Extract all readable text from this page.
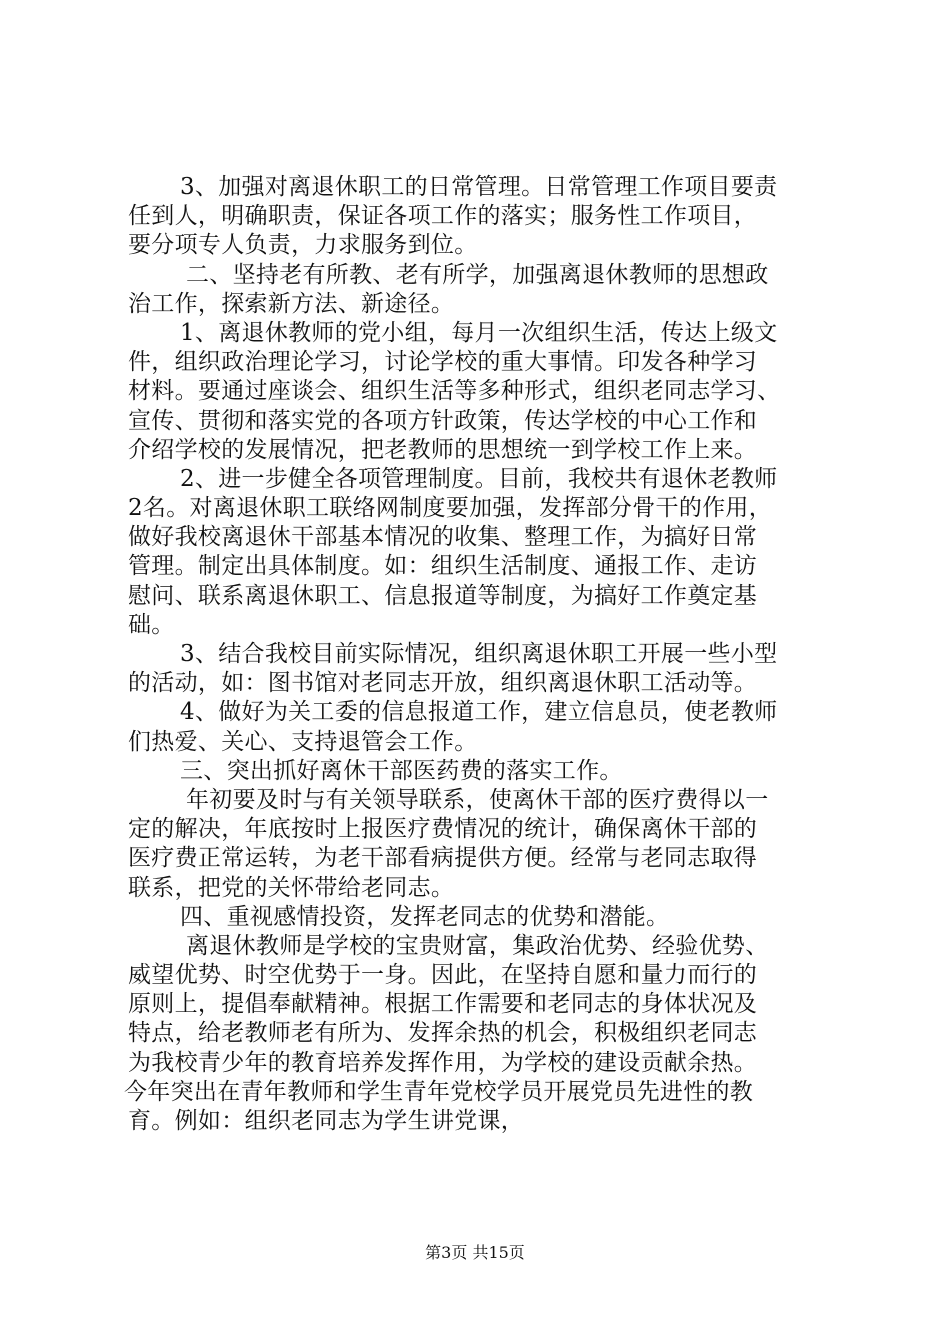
3、加强对离退休职工的日常管理。日常管理工作项目要责
任到人，明确职责，保证各项工作的落实；服务性工作项目，
要分项专人负责，力求服务到位。
二、坚持老有所教、老有所学，加强离退休教师的思想政
治工作，探索新方法、新途径。
1、离退休教师的党小组，每月一次组织生活，传达上级文
件，组织政治理论学习，讨论学校的重大事情。印发各种学习
材料。要通过座谈会、组织生活等多种形式，组织老同志学习、
宣传、贯彻和落实党的各项方针政策，传达学校的中心工作和
介绍学校的发展情况，把老教师的思想统一到学校工作上来。
2、进一步健全各项管理制度。目前，我校共有退休老教师
2名。对离退休职工联络网制度要加强，发挥部分骨干的作用，
做好我校离退休干部基本情况的收集、整理工作，为搞好日常
管理。制定出具体制度。如：组织生活制度、通报工作、走访
慰问、联系离退休职工、信息报道等制度，为搞好工作奠定基
础。
3、结合我校目前实际情况，组织离退休职工开展一些小型
的活动，如：图书馆对老同志开放，组织离退休职工活动等。
4、做好为关工委的信息报道工作，建立信息员，使老教师
们热爱、关心、支持退管会工作。
三、突出抓好离休干部医药费的落实工作。
年初要及时与有关领导联系，使离休干部的医疗费得以一
定的解决，年底按时上报医疗费情况的统计，确保离休干部的
医疗费正常运转，为老干部看病提供方便。经常与老同志取得
联系，把党的关怀带给老同志。
四、重视感情投资，发挥老同志的优势和潜能。
离退休教师是学校的宝贵财富，集政治优势、经验优势、
威望优势、时空优势于一身。因此，在坚持自愿和量力而行的
原则上，提倡奉献精神。根据工作需要和老同志的身体状况及
特点，给老教师老有所为、发挥余热的机会，积极组织老同志
为我校青少年的教育培养发挥作用，为学校的建设贡献余热。
今年突出在青年教师和学生青年党校学员开展党员先进性的教
育。例如：组织老同志为学生讲党课，
第3页 共15页
